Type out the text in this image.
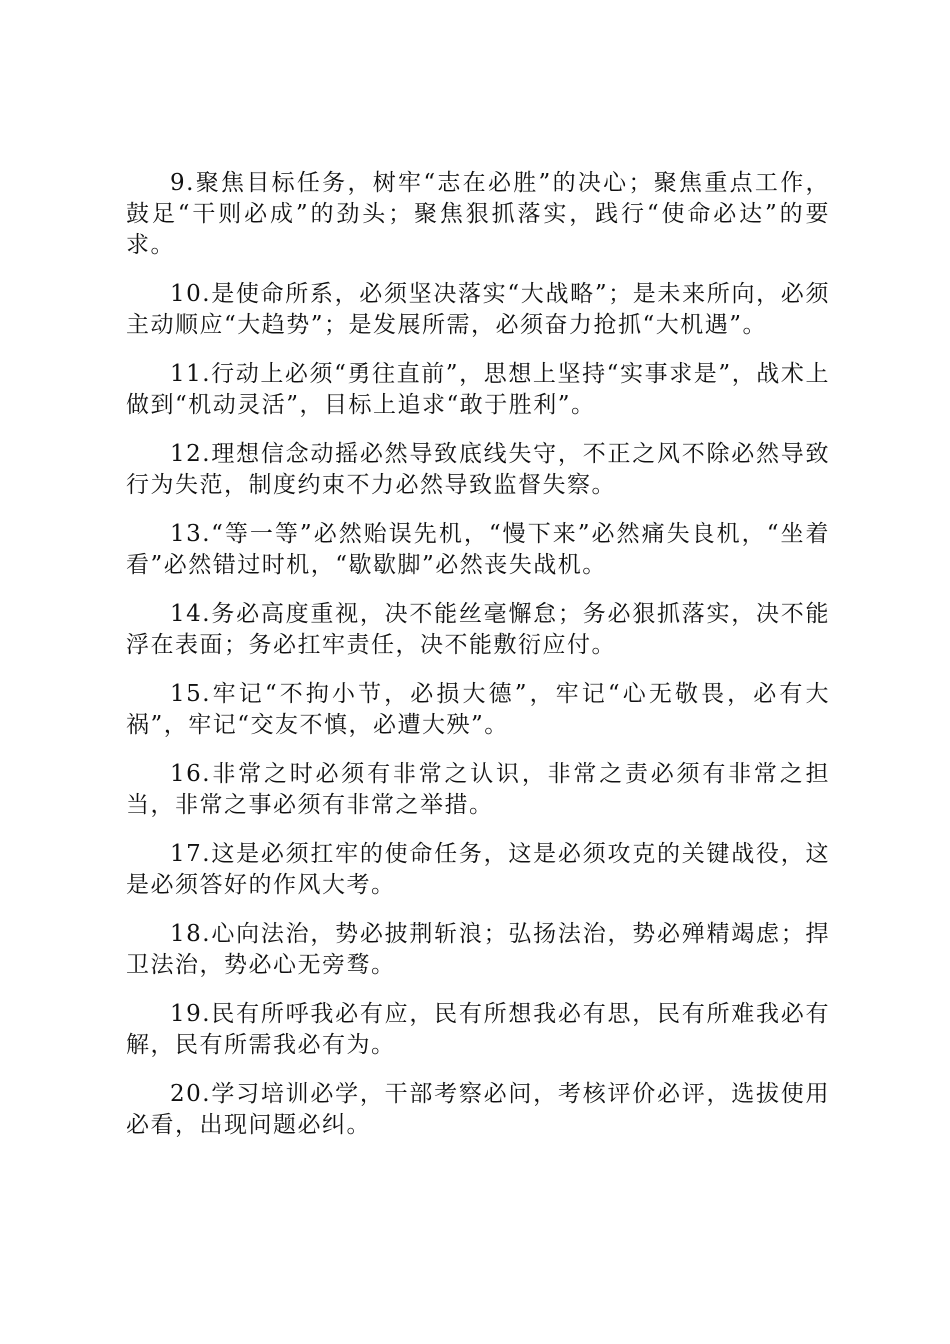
9.聚焦目标任务，树牢“志在必胜”的决心；聚焦重点工作，鼓足“干则必成”的劲头；聚焦狠抓落实，践行“使命必达”的要求。

10.是使命所系，必须坚决落实“大战略”；是未来所向，必须主动顺应“大趋势”；是发展所需，必须奋力抢抓“大机遇”。

11.行动上必须“勇往直前”，思想上坚持“实事求是”，战术上做到“机动灵活”，目标上追求“敢于胜利”。

12.理想信念动摇必然导致底线失守，不正之风不除必然导致行为失范，制度约束不力必然导致监督失察。

13.“等一等”必然贻误先机，“慢下来”必然痛失良机，“坐着看”必然错过时机，“歇歇脚”必然丧失战机。

14.务必高度重视，决不能丝毫懈怠；务必狠抓落实，决不能浮在表面；务必扛牢责任，决不能敷衍应付。

15.牢记“不拘小节，必损大德”，牢记“心无敬畏，必有大祸”，牢记“交友不慎，必遭大殃”。

16.非常之时必须有非常之认识，非常之责必须有非常之担当，非常之事必须有非常之举措。

17.这是必须扛牢的使命任务，这是必须攻克的关键战役，这是必须答好的作风大考。

18.心向法治，势必披荆斩浪；弘扬法治，势必殚精竭虑；捍卫法治，势必心无旁骛。

19.民有所呼我必有应，民有所想我必有思，民有所难我必有解，民有所需我必有为。

20.学习培训必学，干部考察必问，考核评价必评，选拔使用必看，出现问题必纠。
